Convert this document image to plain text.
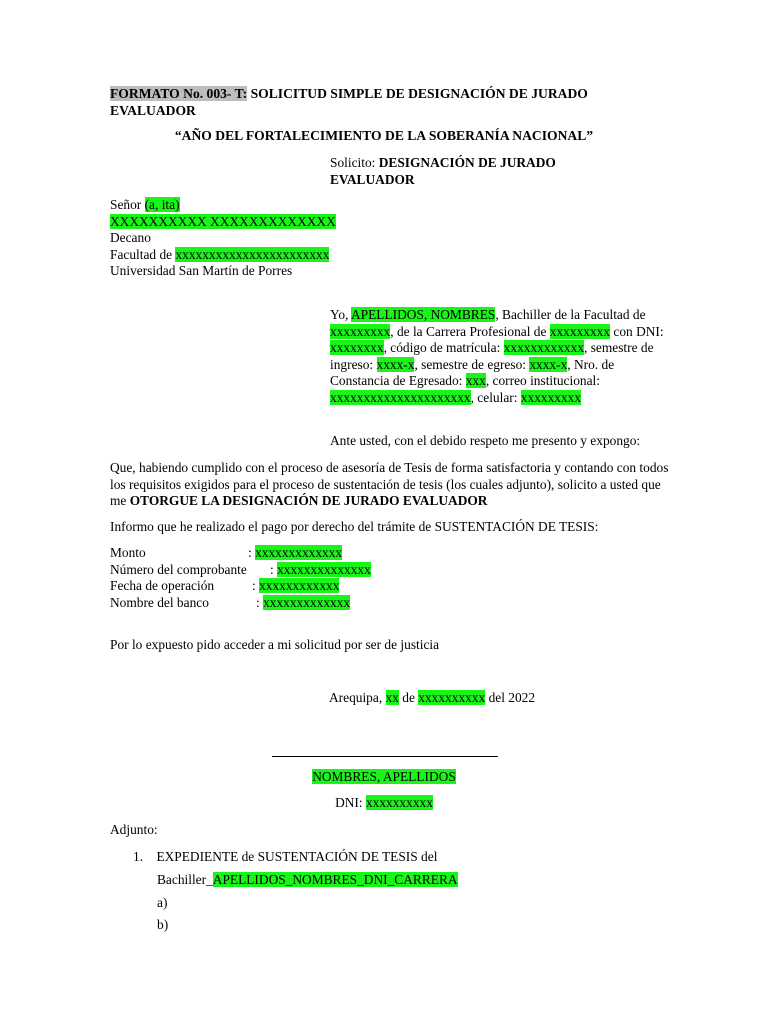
FORMATO No. 003- T: SOLICITUD SIMPLE DE DESIGNACIÓN DE JURADO EVALUADOR
“AÑO DEL FORTALECIMIENTO DE LA SOBERANÍA NACIONAL”
Solicito: DESIGNACIÓN DE JURADO EVALUADOR
Señor (a, ita)
XXXXXXXXXX XXXXXXXXXXXXX
Decano
Facultad de xxxxxxxxxxxxxxxxxxxxxxx
Universidad San Martín de Porres
Yo, APELLIDOS, NOMBRES, Bachiller de la Facultad de xxxxxxxxx, de la Carrera Profesional de xxxxxxxxx con DNI: xxxxxxxx, código de matrícula: xxxxxxxxxxxx, semestre de ingreso: xxxx-x, semestre de egreso: xxxx-x, Nro. de Constancia de Egresado: xxx, correo institucional: xxxxxxxxxxxxxxxxxxxxx, celular: xxxxxxxxx
Ante usted, con el debido respeto me presento y expongo:
Que, habiendo cumplido con el proceso de asesoría de Tesis de forma satisfactoria y contando con todos los requisitos exigidos para el proceso de sustentación de tesis (los cuales adjunto), solicito a usted que me OTORGUE LA DESIGNACIÓN DE JURADO EVALUADOR
Informo que he realizado el pago por derecho del trámite de SUSTENTACIÓN DE TESIS:
Monto	: xxxxxxxxxxxxx
Número del comprobante : xxxxxxxxxxxxxx
Fecha de operación	: xxxxxxxxxxxx
Nombre del banco	: xxxxxxxxxxxxx
Por lo expuesto pido acceder a mi solicitud por ser de justicia
Arequipa, xx de xxxxxxxxxx del 2022
NOMBRES, APELLIDOS
DNI: xxxxxxxxxx
Adjunto:
1. EXPEDIENTE de SUSTENTACIÓN DE TESIS del
Bachiller_APELLIDOS_NOMBRES_DNI_CARRERA
a)
b)
